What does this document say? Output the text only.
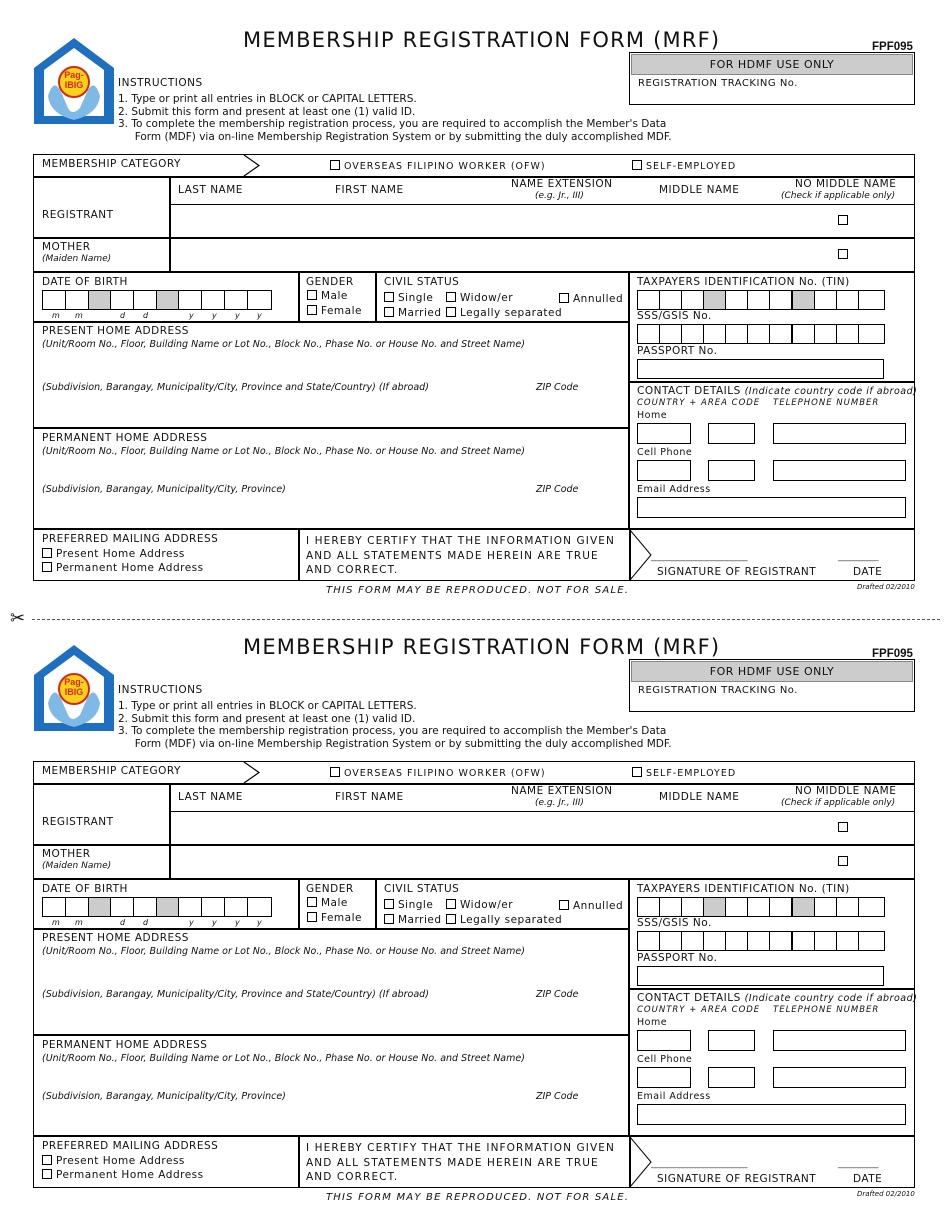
Pag-
IBIG
MEMBERSHIP REGISTRATION FORM (MRF)	FPF095
INSTRUCTIONS
1. Type or print all entries in BLOCK or CAPITAL LETTERS.
2. Submit this form and present at least one (1) valid ID.
3. To complete the membership registration process, you are required to accomplish the Member's Data
Form (MDF) via on-line Membership Registration System or by submitting the duly accomplished MDF.
FOR HDMF USE ONLY
REGISTRATION TRACKING No.
MEMBERSHIP CATEGORY	OVERSEAS FILIPINO WORKER (OFW)	SELF-EMPLOYED
LAST NAME	FIRST NAME	NAME EXTENSION
(e.g. Jr., III)	MIDDLE NAME	NO MIDDLE NAME
(Check if applicable only)
REGISTRANT
MOTHER
(Maiden Name)
DATE OF BIRTH
m m	d d	y y y y
GENDER
Male
Female
CIVIL STATUS
Single	Widow/er	Annulled
Married	Legally separated
PRESENT HOME ADDRESS
(Unit/Room No., Floor, Building Name or Lot No., Block No., Phase No. or House No. and Street Name)
(Subdivision, Barangay, Municipality/City, Province and State/Country) (If abroad)	ZIP Code
PERMANENT HOME ADDRESS
(Unit/Room No., Floor, Building Name or Lot No., Block No., Phase No. or House No. and Street Name)
(Subdivision, Barangay, Municipality/City, Province)	ZIP Code
TAXPAYERS IDENTIFICATION No. (TIN)
SSS/GSIS No.
PASSPORT No.
CONTACT DETAILS (Indicate country code if abroad)
COUNTRY + AREA CODE TELEPHONE NUMBER
Home
Cell Phone
Email Address
PREFERRED MAILING ADDRESS
Present Home Address
Permanent Home Address
I HEREBY CERTIFY THAT THE INFORMATION GIVEN
AND ALL STATEMENTS MADE HEREIN ARE TRUE
AND CORRECT.
________________________	__________
SIGNATURE OF REGISTRANT	DATE
THIS FORM MAY BE REPRODUCED. NOT FOR SALE.	Drafted 02/2010
✂
Pag-
IBIG
MEMBERSHIP REGISTRATION FORM (MRF)	FPF095
INSTRUCTIONS
1. Type or print all entries in BLOCK or CAPITAL LETTERS.
2. Submit this form and present at least one (1) valid ID.
3. To complete the membership registration process, you are required to accomplish the Member's Data
Form (MDF) via on-line Membership Registration System or by submitting the duly accomplished MDF.
FOR HDMF USE ONLY
REGISTRATION TRACKING No.
MEMBERSHIP CATEGORY	OVERSEAS FILIPINO WORKER (OFW)	SELF-EMPLOYED
LAST NAME	FIRST NAME	NAME EXTENSION
(e.g. Jr., III)	MIDDLE NAME	NO MIDDLE NAME
(Check if applicable only)
REGISTRANT
MOTHER
(Maiden Name)
DATE OF BIRTH
m m	d d	y y y y
GENDER
Male
Female
CIVIL STATUS
Single	Widow/er	Annulled
Married	Legally separated
PRESENT HOME ADDRESS
(Unit/Room No., Floor, Building Name or Lot No., Block No., Phase No. or House No. and Street Name)
(Subdivision, Barangay, Municipality/City, Province and State/Country) (If abroad)	ZIP Code
PERMANENT HOME ADDRESS
(Unit/Room No., Floor, Building Name or Lot No., Block No., Phase No. or House No. and Street Name)
(Subdivision, Barangay, Municipality/City, Province)	ZIP Code
TAXPAYERS IDENTIFICATION No. (TIN)
SSS/GSIS No.
PASSPORT No.
CONTACT DETAILS (Indicate country code if abroad)
COUNTRY + AREA CODE TELEPHONE NUMBER
Home
Cell Phone
Email Address
PREFERRED MAILING ADDRESS
Present Home Address
Permanent Home Address
I HEREBY CERTIFY THAT THE INFORMATION GIVEN
AND ALL STATEMENTS MADE HEREIN ARE TRUE
AND CORRECT.
________________________	__________
SIGNATURE OF REGISTRANT	DATE
THIS FORM MAY BE REPRODUCED. NOT FOR SALE.	Drafted 02/2010
